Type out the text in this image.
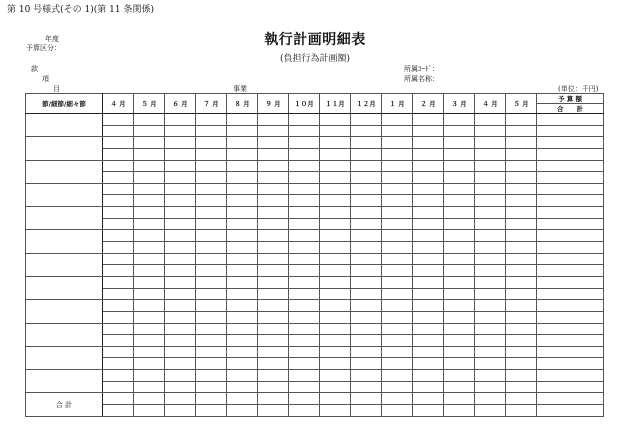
第 10 号様式(その 1)(第 11 条関係)
執行計画明細表
(負担行為計画額)
年度
予算区分：
款
項
目	事業
所属ｺｰﾄﾞ：
所属名称：
(単位：千円)
節/細節/細々節	４ 月	５ 月	６ 月	７ 月	８ 月	９ 月	１０月	１１月	１２月	１ 月	２ 月	３ 月	４ 月	５ 月	予 算 額
															合　　計

合 計															
